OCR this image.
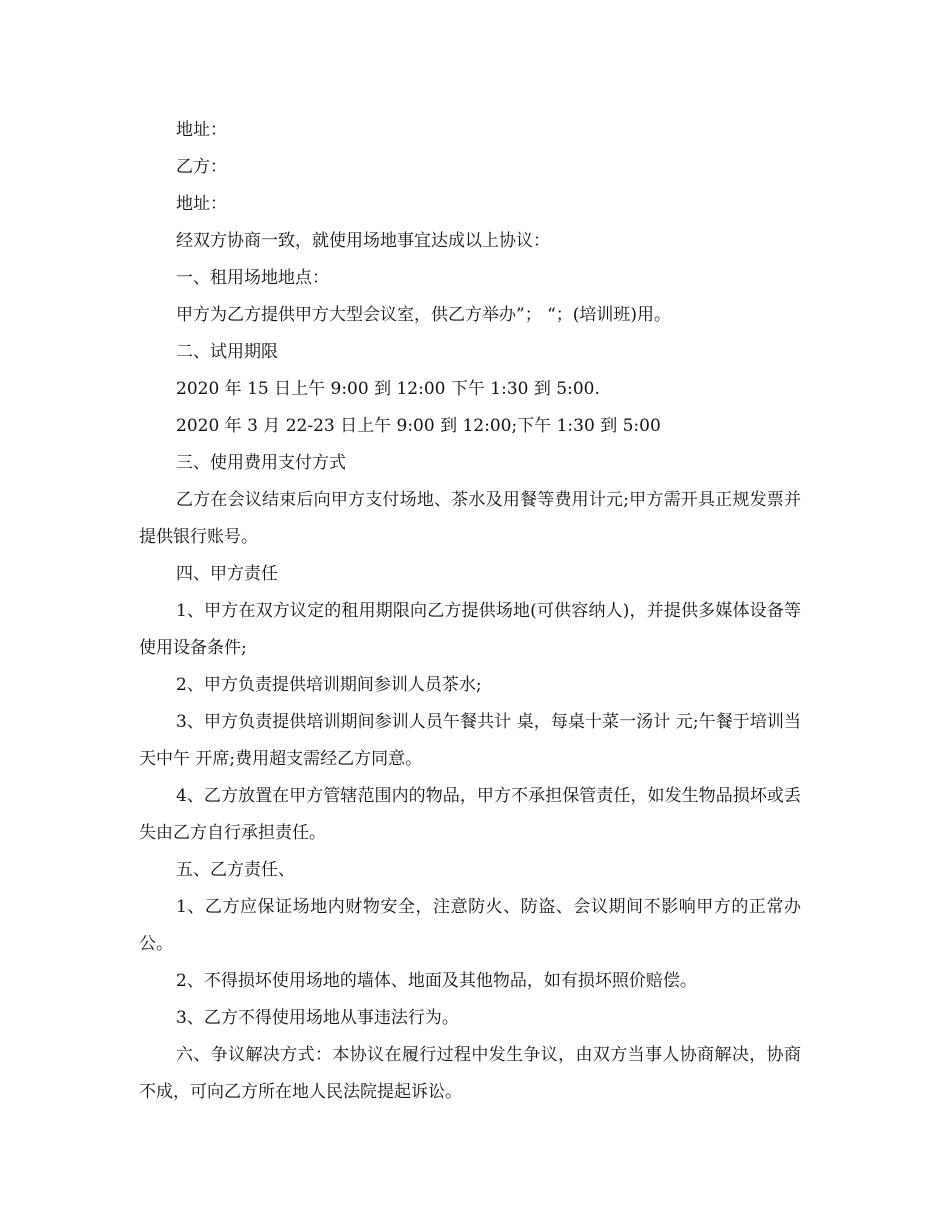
地址：

乙方：

地址：

经双方协商一致，就使用场地事宜达成以上协议：

一、租用场地地点：

甲方为乙方提供甲方大型会议室，供乙方举办”； “；(培训班)用。

二、试用期限

2020 年 15 日上午 9:00 到 12:00 下午 1:30 到 5:00.

2020 年 3 月 22-23 日上午 9:00 到 12:00;下午 1:30 到 5:00

三、使用费用支付方式

乙方在会议结束后向甲方支付场地、茶水及用餐等费用计元;甲方需开具正规发票并提供银行账号。

四、甲方责任

1、甲方在双方议定的租用期限向乙方提供场地(可供容纳人)，并提供多媒体设备等使用设备条件;

2、甲方负责提供培训期间参训人员茶水;

3、甲方负责提供培训期间参训人员午餐共计 桌，每桌十菜一汤计 元;午餐于培训当天中午 开席;费用超支需经乙方同意。

4、乙方放置在甲方管辖范围内的物品，甲方不承担保管责任，如发生物品损坏或丢失由乙方自行承担责任。

五、乙方责任、

1、乙方应保证场地内财物安全，注意防火、防盗、会议期间不影响甲方的正常办公。

2、不得损坏使用场地的墙体、地面及其他物品，如有损坏照价赔偿。

3、乙方不得使用场地从事违法行为。

六、争议解决方式：本协议在履行过程中发生争议，由双方当事人协商解决，协商不成，可向乙方所在地人民法院提起诉讼。
